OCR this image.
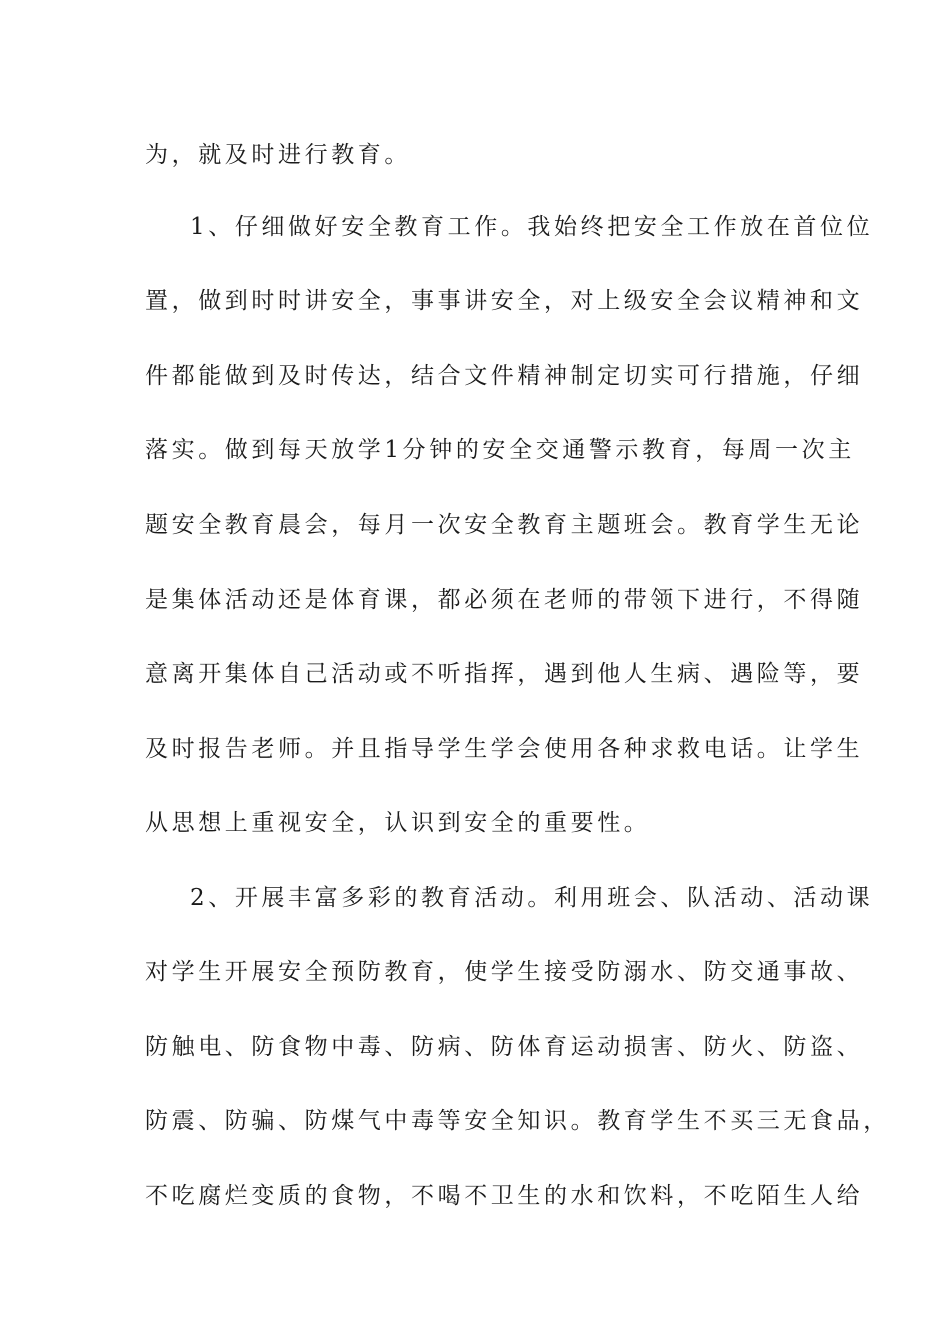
为，就及时进行教育。
1、仔细做好安全教育工作。我始终把安全工作放在首位位
置，做到时时讲安全，事事讲安全，对上级安全会议精神和文
件都能做到及时传达，结合文件精神制定切实可行措施，仔细
落实。做到每天放学1分钟的安全交通警示教育，每周一次主
题安全教育晨会，每月一次安全教育主题班会。教育学生无论
是集体活动还是体育课，都必须在老师的带领下进行，不得随
意离开集体自己活动或不听指挥，遇到他人生病、遇险等，要
及时报告老师。并且指导学生学会使用各种求救电话。让学生
从思想上重视安全，认识到安全的重要性。
2、开展丰富多彩的教育活动。利用班会、队活动、活动课
对学生开展安全预防教育，使学生接受防溺水、防交通事故、
防触电、防食物中毒、防病、防体育运动损害、防火、防盗、
防震、防骗、防煤气中毒等安全知识。教育学生不买三无食品，
不吃腐烂变质的食物，不喝不卫生的水和饮料，不吃陌生人给
